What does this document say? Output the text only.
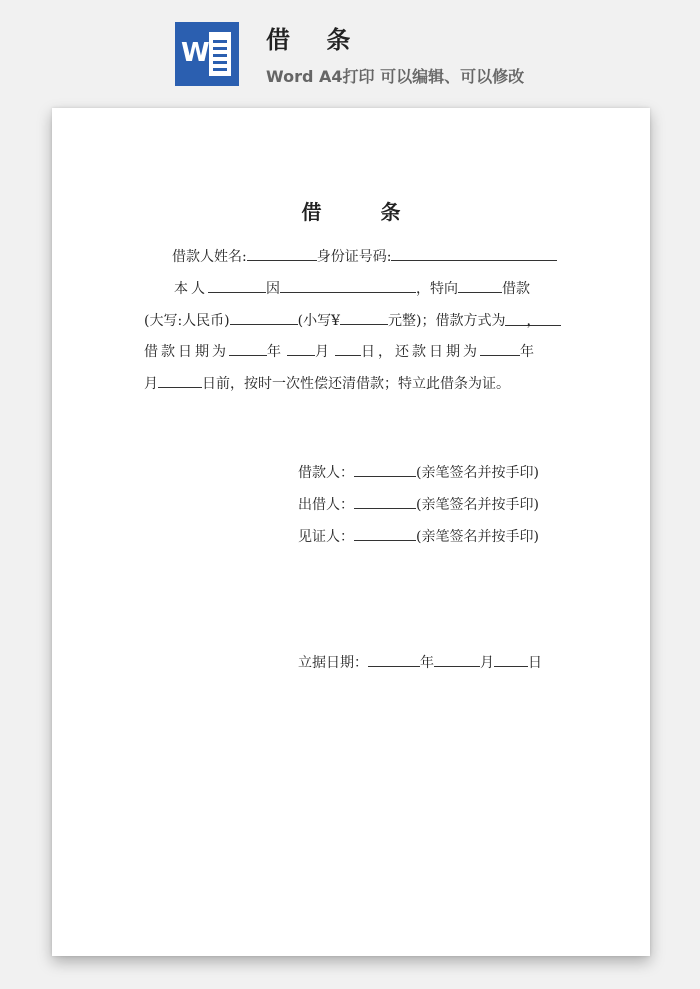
W 借 条
Word A4打印 可以编辑、可以修改
借 条
借款人姓名:	身份证号码:
本人	因	，特向	借款
(大写:人民币)	(小写¥	元整)；借款方式为 ，
借款日期为	年 月 日，还款日期为	年
月	日前，按时一次性偿还清借款；特立此借条为证。
借款人：	(亲笔签名并按手印)
出借人：	(亲笔签名并按手印)
见证人：	(亲笔签名并按手印)
立据日期：	年	月 日
